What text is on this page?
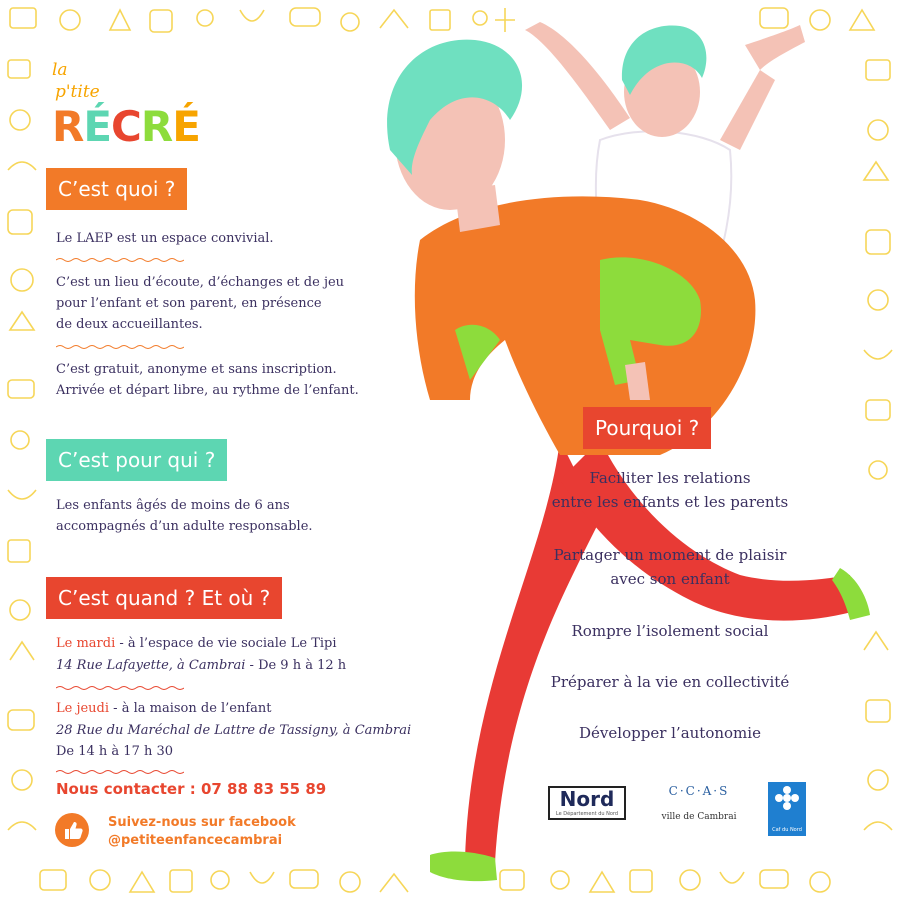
la
p'tite
R É C R É
C’est quoi ?
Le LAEP est un espace convivial.
C’est un lieu d’écoute, d’échanges et de jeu
pour l’enfant et son parent, en présence
de deux accueillantes.
C’est gratuit, anonyme et sans inscription.
Arrivée et départ libre, au rythme de l’enfant.
C’est pour qui ?
Les enfants âgés de moins de 6 ans
accompagnés d’un adulte responsable.
C’est quand ? Et où ?
Le mardi - à l’espace de vie sociale Le Tipi
14 Rue Lafayette, à Cambrai - De 9 h à 12 h
Le jeudi - à la maison de l’enfant
28 Rue du Maréchal de Lattre de Tassigny, à Cambrai
De 14 h à 17 h 30
Nous contacter : 07 88 83 55 89
Suivez-nous sur facebook
@petiteenfancecambrai
Pourquoi ?
Faciliter les relations
entre les enfants et les parents
Partager un moment de plaisir
avec son enfant
Rompre l’isolement social
Préparer à la vie en collectivité
Développer l’autonomie
Nord
Le Département du Nord
C·C·A·S
ville de Cambrai
Caf du Nord
